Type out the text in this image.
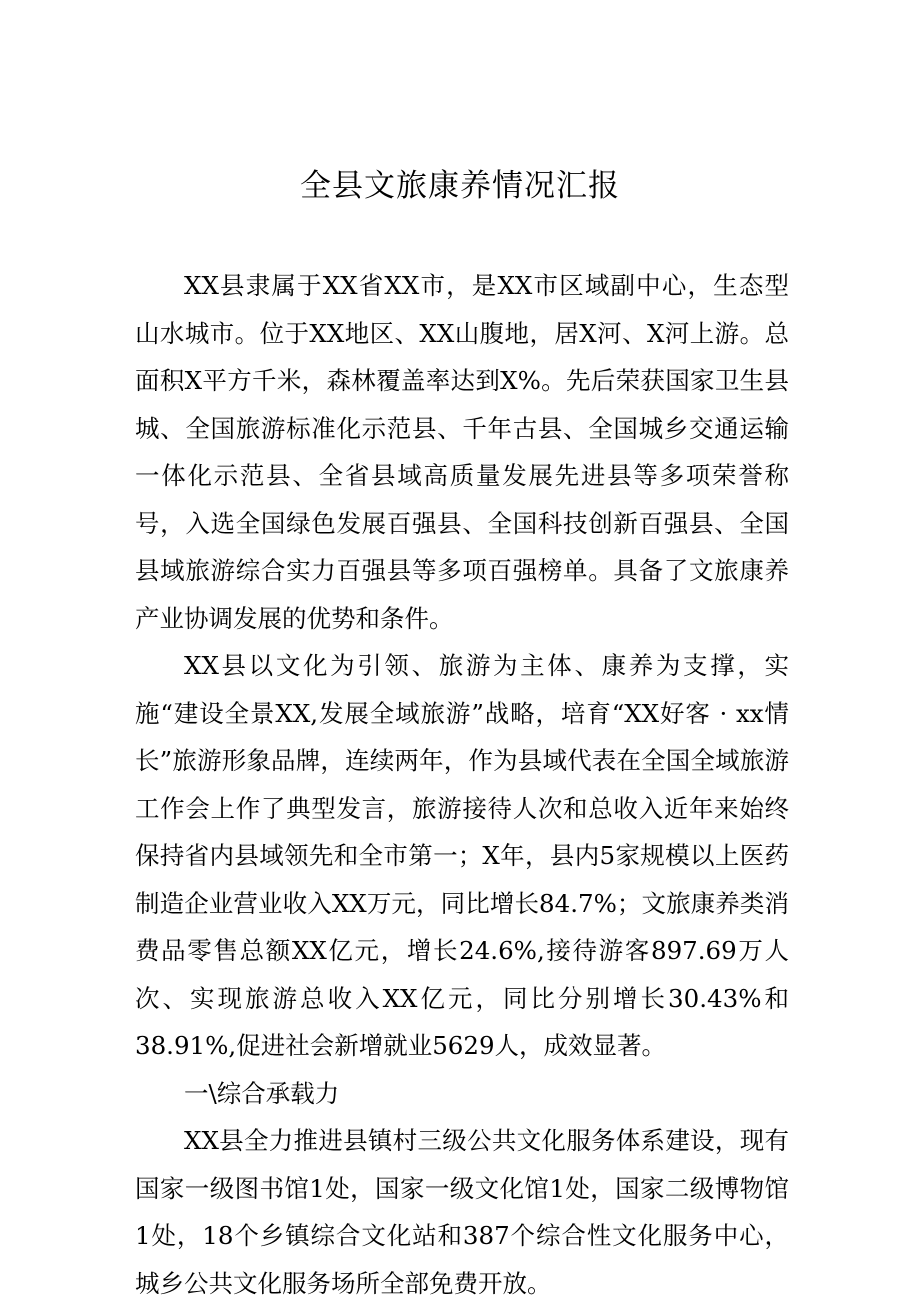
全县文旅康养情况汇报

XX县隶属于XX省XX市，是XX市区域副中心，生态型山水城市。位于XX地区、XX山腹地，居X河、X河上游。总面积X平方千米，森林覆盖率达到X%。先后荣获国家卫生县城、全国旅游标准化示范县、千年古县、全国城乡交通运输一体化示范县、全省县域高质量发展先进县等多项荣誉称号，入选全国绿色发展百强县、全国科技创新百强县、全国县域旅游综合实力百强县等多项百强榜单。具备了文旅康养产业协调发展的优势和条件。

XX县以文化为引领、旅游为主体、康养为支撑，实施“建设全景XX,发展全域旅游”战略，培育“XX好客 · xx情长”旅游形象品牌，连续两年，作为县域代表在全国全域旅游工作会上作了典型发言，旅游接待人次和总收入近年来始终保持省内县域领先和全市第一；X年，县内5家规模以上医药制造企业营业收入XX万元，同比增长84.7%；文旅康养类消费品零售总额XX亿元，增长24.6%,接待游客897.69万人次、实现旅游总收入XX亿元，同比分别增长30.43%和38.91%,促进社会新增就业5629人，成效显著。

一\综合承载力

XX县全力推进县镇村三级公共文化服务体系建设，现有国家一级图书馆1处，国家一级文化馆1处，国家二级博物馆1处，18个乡镇综合文化站和387个综合性文化服务中心，城乡公共文化服务场所全部免费开放。
